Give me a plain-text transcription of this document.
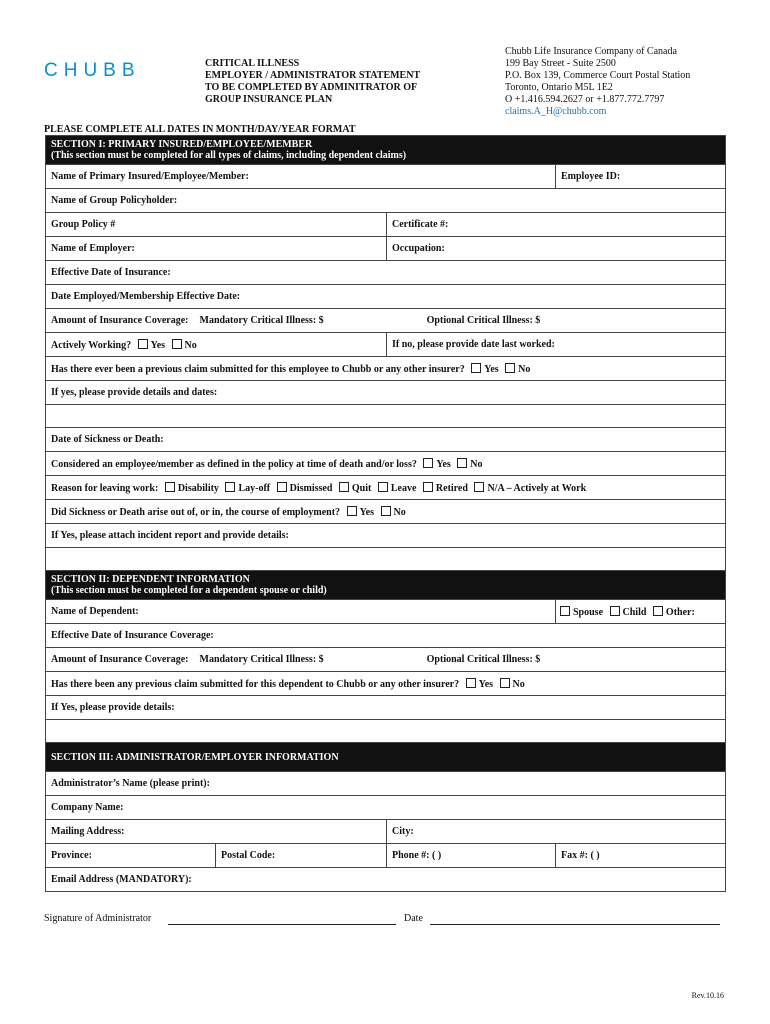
CHUBB	CRITICAL ILLNESS
EMPLOYER / ADMINISTRATOR STATEMENT
TO BE COMPLETED BY ADMINITRATOR OF
GROUP INSURANCE PLAN
Chubb Life Insurance Company of Canada
199 Bay Street - Suite 2500
P.O. Box 139, Commerce Court Postal Station
Toronto, Ontario M5L 1E2
O +1.416.594.2627 or +1.877.772.7797
claims.A_H@chubb.com
PLEASE COMPLETE ALL DATES IN MONTH/DAY/YEAR FORMAT
SECTION I: PRIMARY INSURED/EMPLOYEE/MEMBER
(This section must be completed for all types of claims, including dependent claims)			

Name of Primary Insured/Employee/Member:			Employee ID:
Name of Group Policyholder:			
Group Policy #		Certificate #:	
Name of Employer:		Occupation:	
Effective Date of Insurance:			
Date Employed/Membership Effective Date:			
Amount of Insurance Coverage: Mandatory Critical Illness: $ Optional Critical Illness: $			
Actively Working? Yes No		If no, please provide date last worked:	
Has there ever been a previous claim submitted for this employee to Chubb or any other insurer? Yes No			
If yes, please provide details and dates:			

Date of Sickness or Death:			
Considered an employee/member as defined in the policy at time of death and/or loss? Yes No			
Reason for leaving work: Disability Lay-off Dismissed Quit Leave Retired N/A – Actively at Work			
Did Sickness or Death arise out of, or in, the course of employment? Yes No			
If Yes, please attach incident report and provide details:			

SECTION II: DEPENDENT INFORMATION
(This section must be completed for a dependent spouse or child)			

Name of Dependent:			Spouse Child Other:
Effective Date of Insurance Coverage:			
Amount of Insurance Coverage: Mandatory Critical Illness: $ Optional Critical Illness: $			
Has there been any previous claim submitted for this dependent to Chubb or any other insurer? Yes No			
If Yes, please provide details:			

SECTION III: ADMINISTRATOR/EMPLOYER INFORMATION			
Administrator’s Name (please print):			
Company Name:			
Mailing Address:		City:	
Province:	Postal Code:	Phone #: ( )	Fax #: ( )
Email Address (MANDATORY):			
Signature of Administrator	Date
Rev.10.16
